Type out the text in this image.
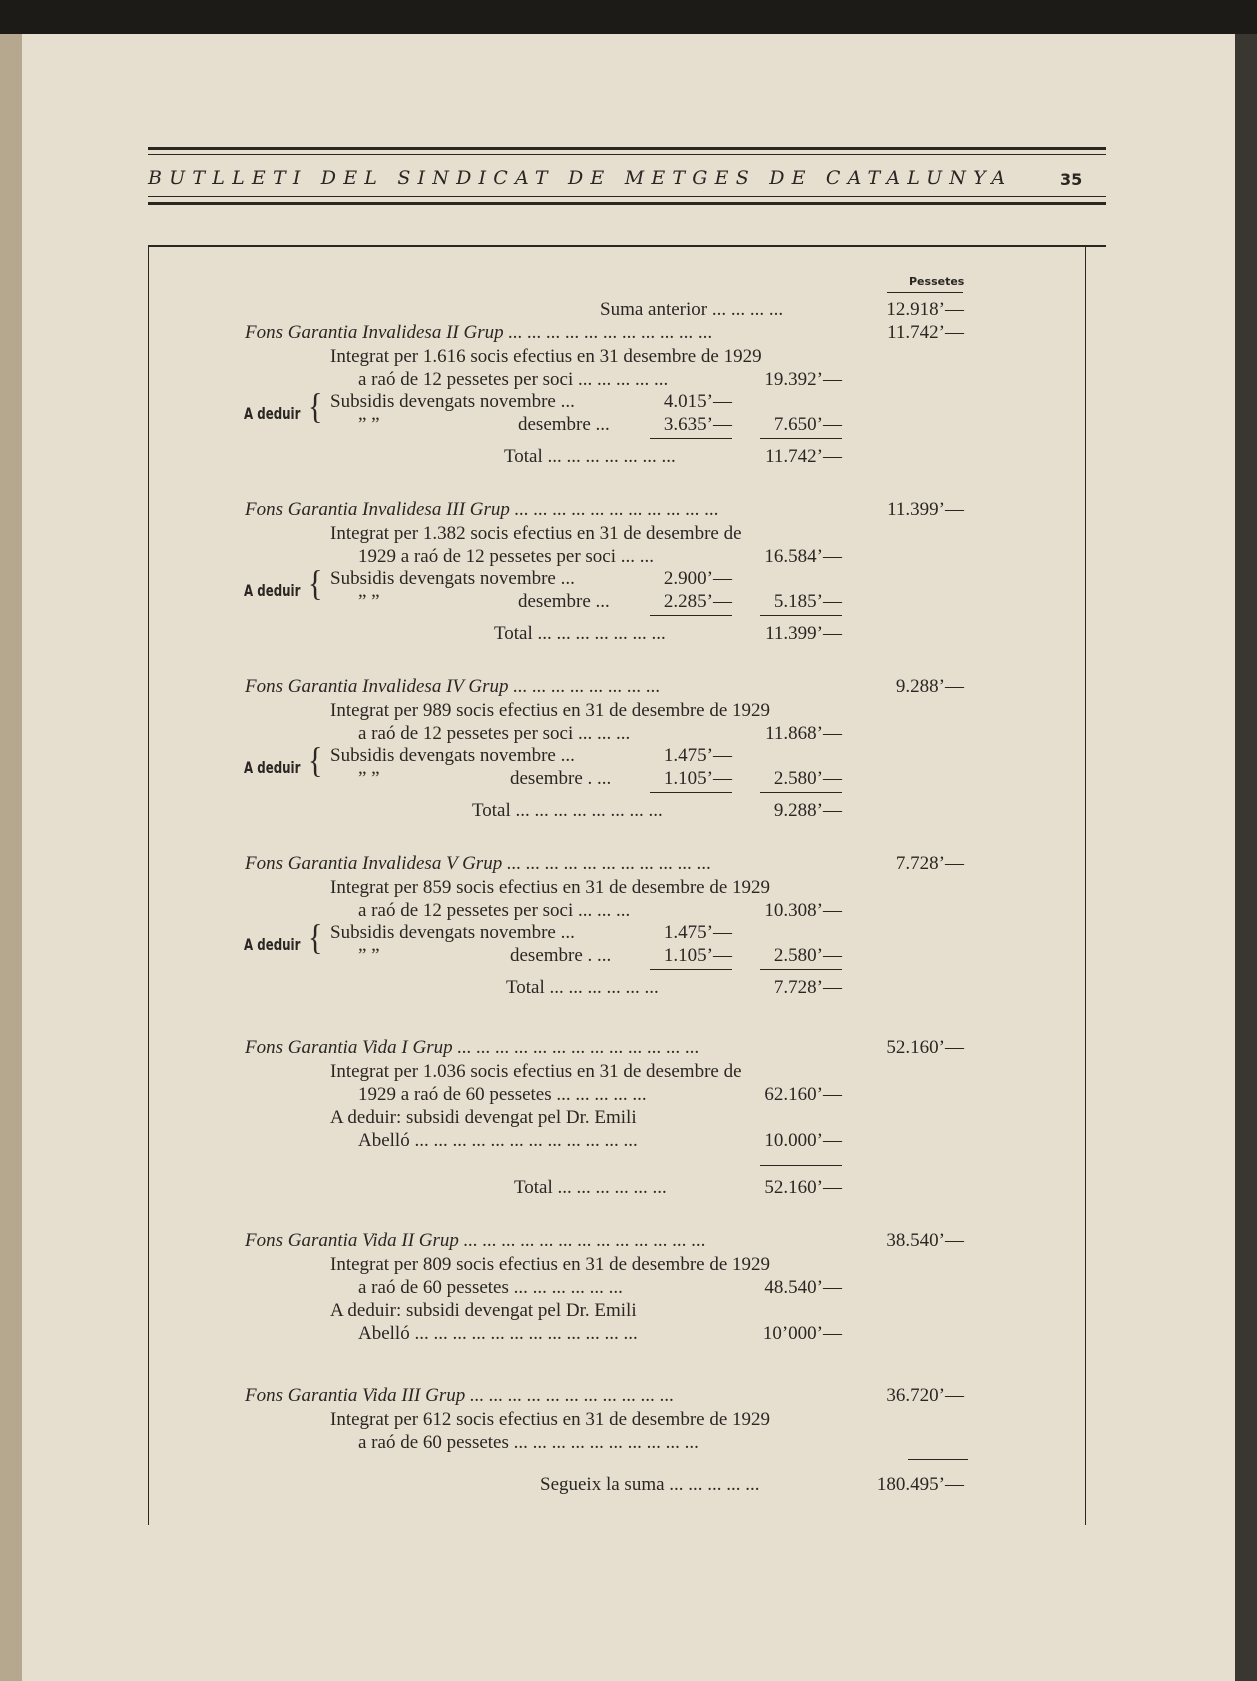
BUTLLETI DEL SINDICAT DE METGES DE CATALUNYA	35
Pessetes
Suma anterior ... ... ... ...	12.918’—
Fons Garantia Invalidesa II Grup ... ... ... ... ... ... ... ... ... ... ...	11.742’—
Integrat per 1.616 socis efectius en 31 desembre de 1929
a raó de 12 pessetes per soci ... ... ... ... ...	19.392’—
A deduir { Subsidis devengats novembre ...	4.015’—
” ”	desembre ...	3.635’—	7.650’—
Total ... ... ... ... ... ... ...	11.742’—
Fons Garantia Invalidesa III Grup ... ... ... ... ... ... ... ... ... ... ...	11.399’—
Integrat per 1.382 socis efectius en 31 de desembre de
1929 a raó de 12 pessetes per soci ... ...	16.584’—
A deduir { Subsidis devengats novembre ...	2.900’—
” ”	desembre ...	2.285’—	5.185’—
Total ... ... ... ... ... ... ...	11.399’—
Fons Garantia Invalidesa IV Grup ... ... ... ... ... ... ... ...	9.288’—
Integrat per 989 socis efectius en 31 de desembre de 1929
a raó de 12 pessetes per soci ... ... ...	11.868’—
A deduir { Subsidis devengats novembre ...	1.475’—
” ”	desembre . ...	1.105’—	2.580’—
Total ... ... ... ... ... ... ... ...	9.288’—
Fons Garantia Invalidesa V Grup ... ... ... ... ... ... ... ... ... ... ...	7.728’—
Integrat per 859 socis efectius en 31 de desembre de 1929
a raó de 12 pessetes per soci ... ... ...	10.308’—
A deduir { Subsidis devengats novembre ...	1.475’—
” ”	desembre . ...	1.105’—	2.580’—
Total ... ... ... ... ... ...	7.728’—
Fons Garantia Vida I Grup ... ... ... ... ... ... ... ... ... ... ... ... ...	52.160’—
Integrat per 1.036 socis efectius en 31 de desembre de
1929 a raó de 60 pessetes ... ... ... ... ...	62.160’—
A deduir: subsidi devengat pel Dr. Emili
Abelló ... ... ... ... ... ... ... ... ... ... ... ...	10.000’—
Total ... ... ... ... ... ...	52.160’—
Fons Garantia Vida II Grup ... ... ... ... ... ... ... ... ... ... ... ... ...	38.540’—
Integrat per 809 socis efectius en 31 de desembre de 1929
a raó de 60 pessetes ... ... ... ... ... ...	48.540’—
A deduir: subsidi devengat pel Dr. Emili
Abelló ... ... ... ... ... ... ... ... ... ... ... ...	10’000’—
Fons Garantia Vida III Grup ... ... ... ... ... ... ... ... ... ... ...	36.720’—
Integrat per 612 socis efectius en 31 de desembre de 1929
a raó de 60 pessetes ... ... ... ... ... ... ... ... ... ...
Segueix la suma ... ... ... ... ...	180.495’—
